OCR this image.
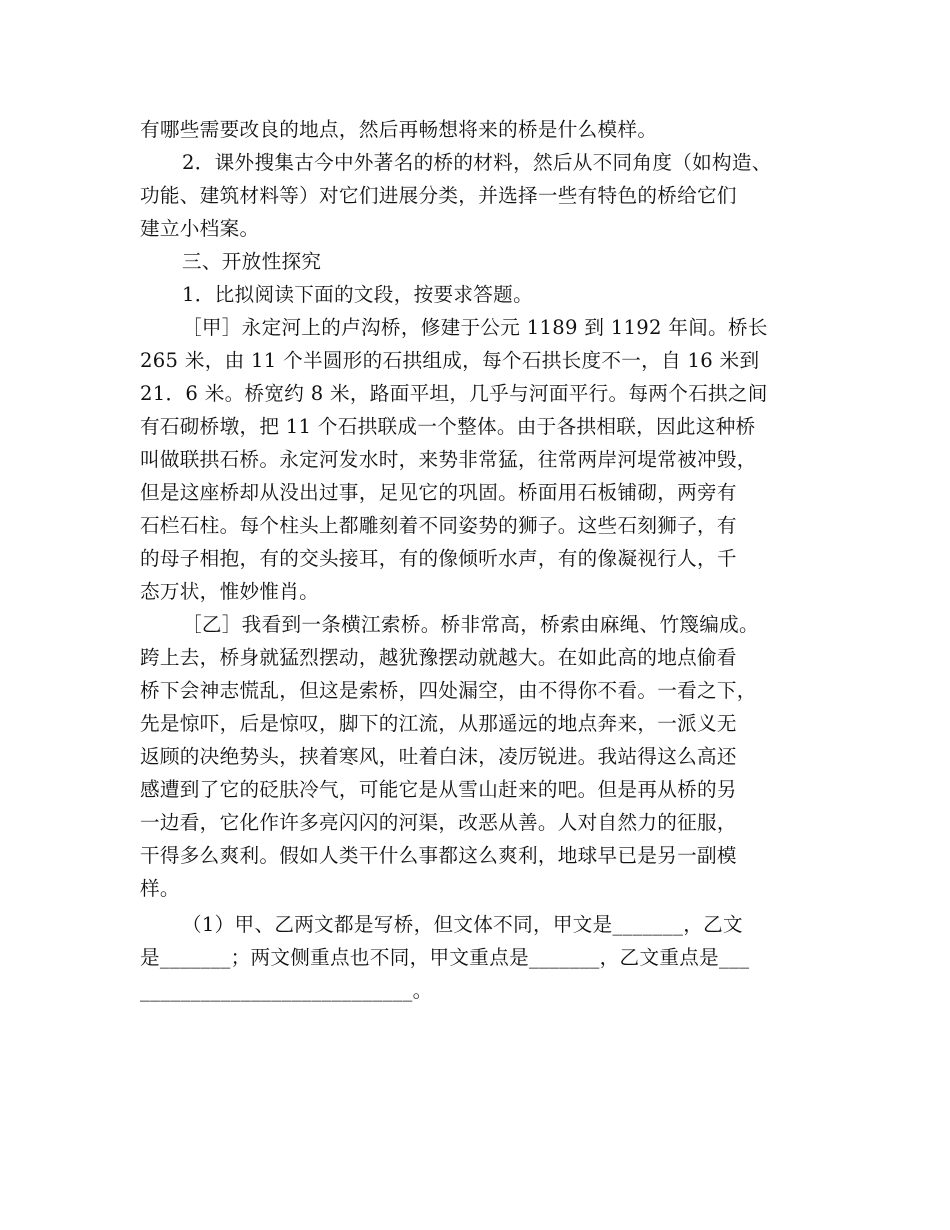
有哪些需要改良的地点，然后再畅想将来的桥是什么模样。
2．课外搜集古今中外著名的桥的材料，然后从不同角度（如构造、
功能、建筑材料等）对它们进展分类，并选择一些有特色的桥给它们
建立小档案。
三、开放性探究
1．比拟阅读下面的文段，按要求答题。
［甲］永定河上的卢沟桥，修建于公元 1189 到 1192 年间。桥长
265 米，由 11 个半圆形的石拱组成，每个石拱长度不一，自 16 米到
21．6 米。桥宽约 8 米，路面平坦，几乎与河面平行。每两个石拱之间
有石砌桥墩，把 11 个石拱联成一个整体。由于各拱相联，因此这种桥
叫做联拱石桥。永定河发水时，来势非常猛，往常两岸河堤常被冲毁，
但是这座桥却从没出过事，足见它的巩固。桥面用石板铺砌，两旁有
石栏石柱。每个柱头上都雕刻着不同姿势的狮子。这些石刻狮子，有
的母子相抱，有的交头接耳，有的像倾听水声，有的像凝视行人，千
态万状，惟妙惟肖。
［乙］我看到一条横江索桥。桥非常高，桥索由麻绳、竹篾编成。
跨上去，桥身就猛烈摆动，越犹豫摆动就越大。在如此高的地点偷看
桥下会神志慌乱，但这是索桥，四处漏空，由不得你不看。一看之下，
先是惊吓，后是惊叹，脚下的江流，从那遥远的地点奔来，一派义无
返顾的决绝势头，挟着寒风，吐着白沫，凌厉锐进。我站得这么高还
感遭到了它的砭肤冷气，可能它是从雪山赶来的吧。但是再从桥的另
一边看，它化作许多亮闪闪的河渠，改恶从善。人对自然力的征服，
干得多么爽利。假如人类干什么事都这么爽利，地球早已是另一副模
样。
（1）甲、乙两文都是写桥，但文体不同，甲文是_______，乙文
是_______；两文侧重点也不同，甲文重点是_______，乙文重点是___
___________________________。
